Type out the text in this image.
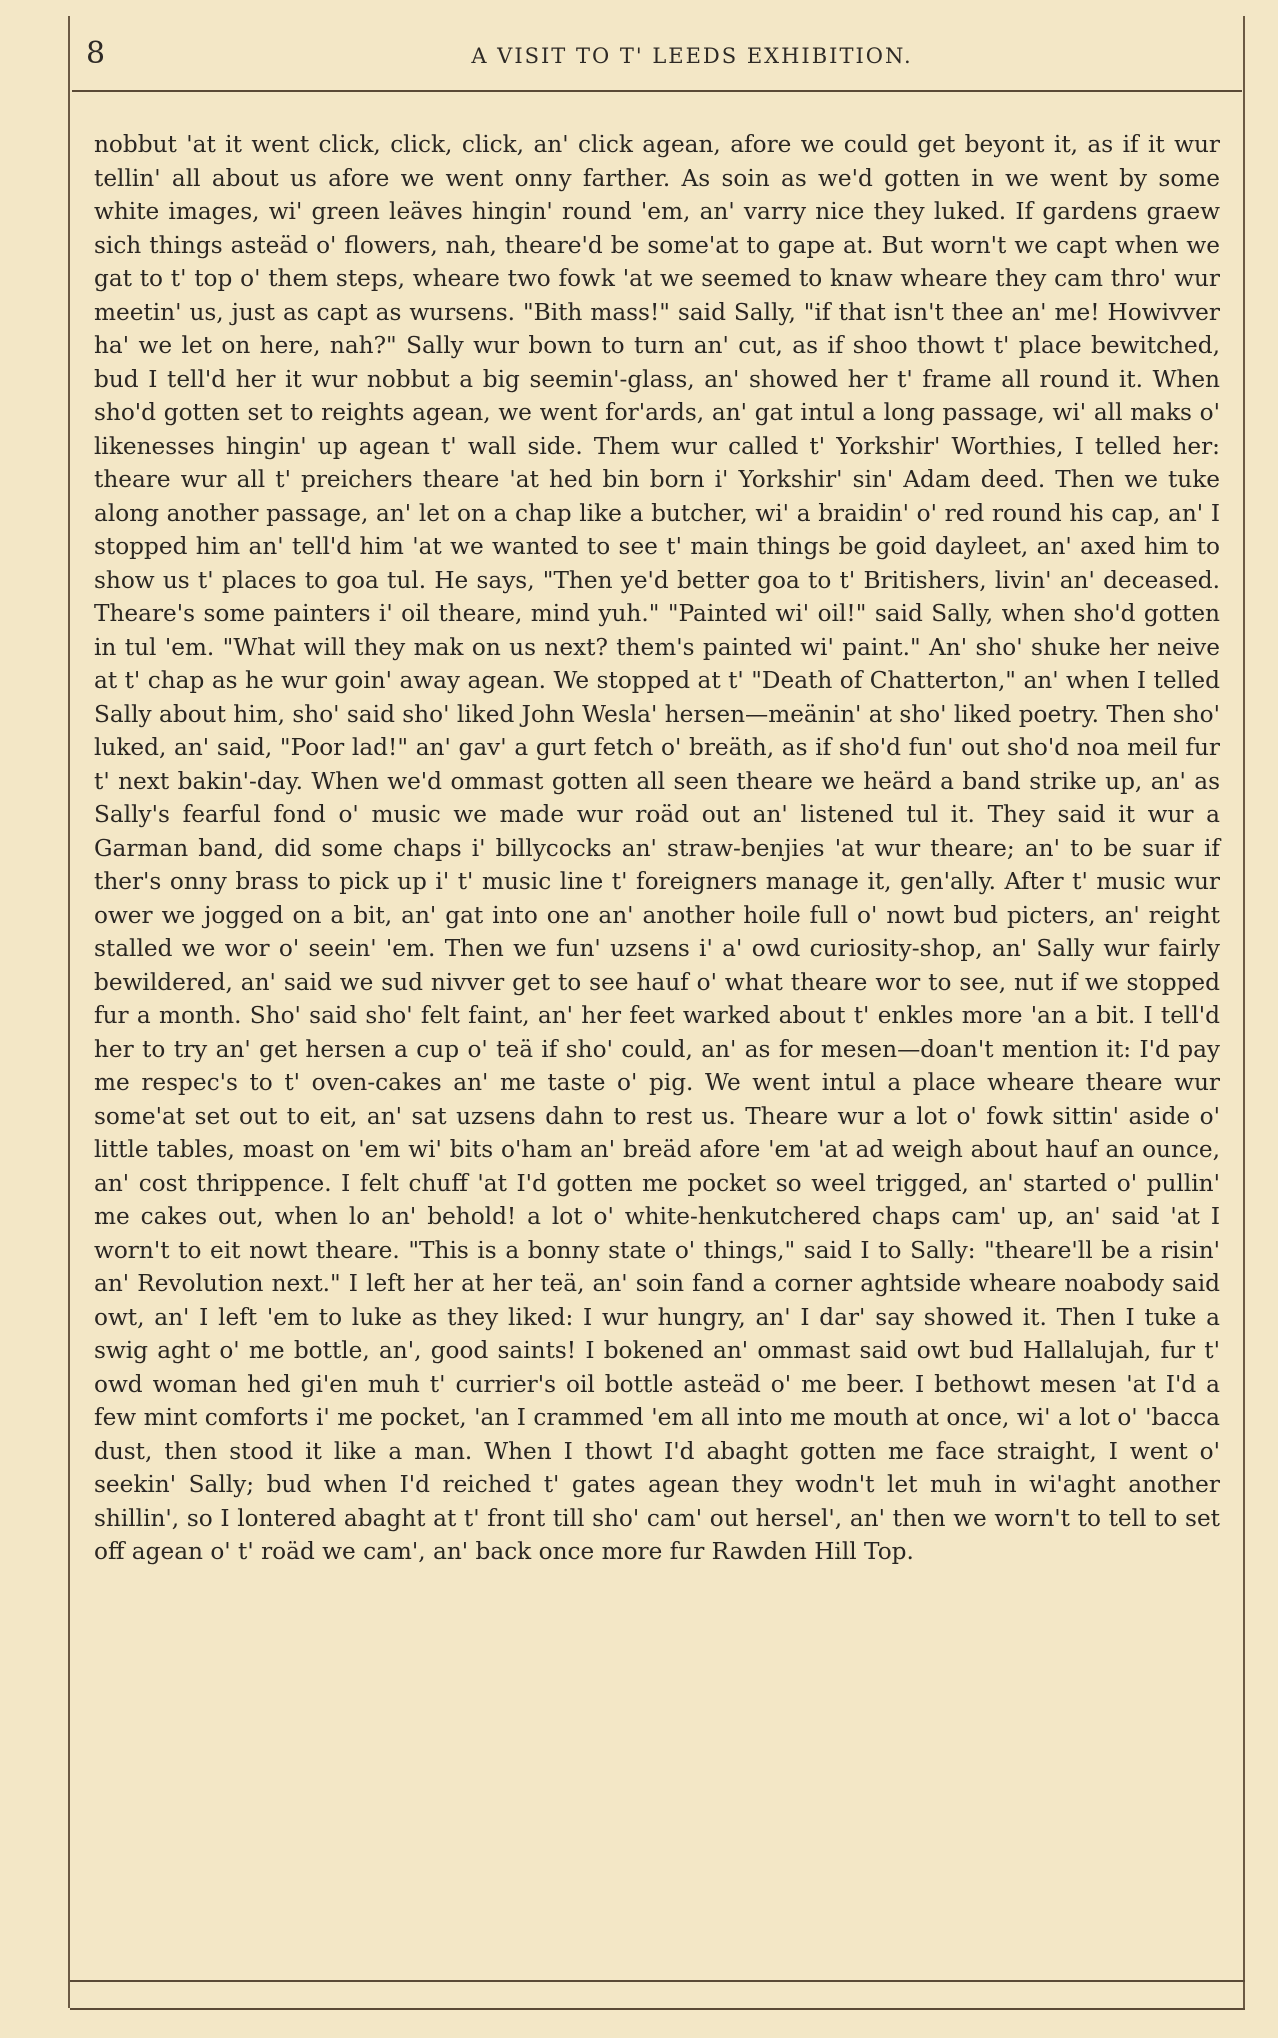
8	A VISIT TO T' LEEDS EXHIBITION.

nobbut 'at it went click, click, click, an' click agean, afore we could get beyont it, as if it wur tellin' all about us afore we went onny farther. As soin as we'd gotten in we went by some white images, wi' green leäves hingin' round 'em, an' varry nice they luked. If gardens graew sich things asteäd o' flowers, nah, theare'd be some'at to gape at. But worn't we capt when we gat to t' top o' them steps, wheare two fowk 'at we seemed to knaw wheare they cam thro' wur meetin' us, just as capt as wursens. "Bith mass!" said Sally, "if that isn't thee an' me! Howivver ha' we let on here, nah?" Sally wur bown to turn an' cut, as if shoo thowt t' place bewitched, bud I tell'd her it wur nobbut a big seemin'-glass, an' showed her t' frame all round it. When sho'd gotten set to reights agean, we went for'ards, an' gat intul a long passage, wi' all maks o' likenesses hingin' up agean t' wall side. Them wur called t' Yorkshir' Worthies, I telled her: theare wur all t' preichers theare 'at hed bin born i' Yorkshir' sin' Adam deed. Then we tuke along another passage, an' let on a chap like a butcher, wi' a braidin' o' red round his cap, an' I stopped him an' tell'd him 'at we wanted to see t' main things be goid dayleet, an' axed him to show us t' places to goa tul. He says, "Then ye'd better goa to t' Britishers, livin' an' deceased. Theare's some painters i' oil theare, mind yuh." "Painted wi' oil!" said Sally, when sho'd gotten in tul 'em. "What will they mak on us next? them's painted wi' paint." An' sho' shuke her neive at t' chap as he wur goin' away agean. We stopped at t' "Death of Chatterton," an' when I telled Sally about him, sho' said sho' liked John Wesla' hersen—meänin' at sho' liked poetry. Then sho' luked, an' said, "Poor lad!" an' gav' a gurt fetch o' breäth, as if sho'd fun' out sho'd noa meil fur t' next bakin'-day. When we'd ommast gotten all seen theare we heärd a band strike up, an' as Sally's fearful fond o' music we made wur roäd out an' listened tul it. They said it wur a Garman band, did some chaps i' billycocks an' straw-benjies 'at wur theare; an' to be suar if ther's onny brass to pick up i' t' music line t' foreigners manage it, gen'ally. After t' music wur ower we jogged on a bit, an' gat into one an' another hoile full o' nowt bud picters, an' reight stalled we wor o' seein' 'em. Then we fun' uzsens i' a' owd curiosity-shop, an' Sally wur fairly bewildered, an' said we sud nivver get to see hauf o' what theare wor to see, nut if we stopped fur a month. Sho' said sho' felt faint, an' her feet warked about t' enkles more 'an a bit. I tell'd her to try an' get hersen a cup o' teä if sho' could, an' as for mesen—doan't mention it: I'd pay me respec's to t' oven-cakes an' me taste o' pig. We went intul a place wheare theare wur some'at set out to eit, an' sat uzsens dahn to rest us. Theare wur a lot o' fowk sittin' aside o' little tables, moast on 'em wi' bits o'ham an' breäd afore 'em 'at ad weigh about hauf an ounce, an' cost thrippence. I felt chuff 'at I'd gotten me pocket so weel trigged, an' started o' pullin' me cakes out, when lo an' behold! a lot o' white-henkutchered chaps cam' up, an' said 'at I worn't to eit nowt theare. "This is a bonny state o' things," said I to Sally: "theare'll be a risin' an' Revolution next." I left her at her teä, an' soin fand a corner aghtside wheare noabody said owt, an' I left 'em to luke as they liked: I wur hungry, an' I dar' say showed it. Then I tuke a swig aght o' me bottle, an', good saints! I bokened an' ommast said owt bud Hallalujah, fur t' owd woman hed gi'en muh t' currier's oil bottle asteäd o' me beer. I bethowt mesen 'at I'd a few mint comforts i' me pocket, 'an I crammed 'em all into me mouth at once, wi' a lot o' 'bacca dust, then stood it like a man. When I thowt I'd abaght gotten me face straight, I went o' seekin' Sally; bud when I'd reiched t' gates agean they wodn't let muh in wi'aght another shillin', so I lontered abaght at t' front till sho' cam' out hersel', an' then we worn't to tell to set off agean o' t' roäd we cam', an' back once more fur Rawden Hill Top.
